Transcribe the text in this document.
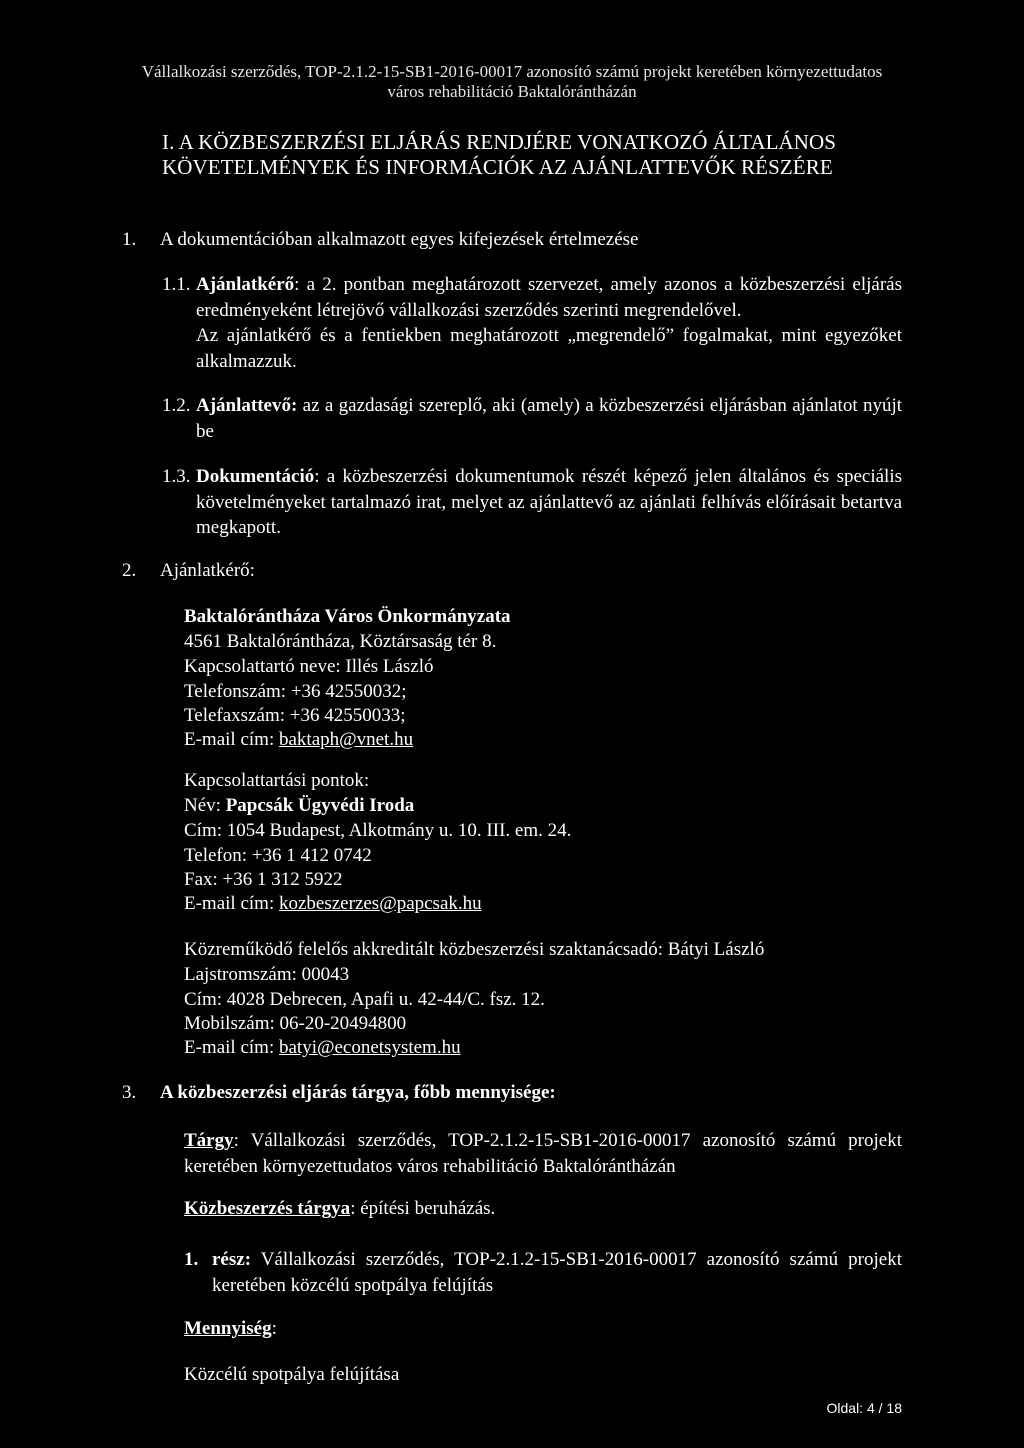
Vállalkozási szerződés, TOP-2.1.2-15-SB1-2016-00017 azonosító számú projekt keretében környezettudatos
város rehabilitáció Baktalórántházán
I. A KÖZBESZERZÉSI ELJÁRÁS RENDJÉRE VONATKOZÓ ÁLTALÁNOS
KÖVETELMÉNYEK ÉS INFORMÁCIÓK AZ AJÁNLATTEVŐK RÉSZÉRE
1. A dokumentációban alkalmazott egyes kifejezések értelmezése
1.1. Ajánlatkérő: a 2. pontban meghatározott szervezet, amely azonos a közbeszerzési eljárás eredményeként létrejövő vállalkozási szerződés szerinti megrendelővel.
Az ajánlatkérő és a fentiekben meghatározott „megrendelő” fogalmakat, mint egyezőket alkalmazzuk.
1.2. Ajánlattevő: az a gazdasági szereplő, aki (amely) a közbeszerzési eljárásban ajánlatot nyújt be
1.3. Dokumentáció: a közbeszerzési dokumentumok részét képező jelen általános és speciális követelményeket tartalmazó irat, melyet az ajánlattevő az ajánlati felhívás előírásait betartva megkapott.
2. Ajánlatkérő:
Baktalórántháza Város Önkormányzata
4561 Baktalórántháza, Köztársaság tér 8.
Kapcsolattartó neve: Illés László
Telefonszám: +36 42550032;
Telefaxszám: +36 42550033;
E-mail cím: baktaph@vnet.hu
Kapcsolattartási pontok:
Név: Papcsák Ügyvédi Iroda
Cím: 1054 Budapest, Alkotmány u. 10. III. em. 24.
Telefon: +36 1 412 0742
Fax: +36 1 312 5922
E-mail cím: kozbeszerzes@papcsak.hu
Közreműködő felelős akkreditált közbeszerzési szaktanácsadó: Bátyi László
Lajstromszám: 00043
Cím: 4028 Debrecen, Apafi u. 42-44/C. fsz. 12.
Mobilszám: 06-20-20494800
E-mail cím: batyi@econetsystem.hu
3. A közbeszerzési eljárás tárgya, főbb mennyisége:
Tárgy: Vállalkozási szerződés, TOP-2.1.2-15-SB1-2016-00017 azonosító számú projekt keretében környezettudatos város rehabilitáció Baktalórántházán
Közbeszerzés tárgya: építési beruházás.
1. rész: Vállalkozási szerződés, TOP-2.1.2-15-SB1-2016-00017 azonosító számú projekt keretében közcélú spotpálya felújítás
Mennyiség:
Közcélú spotpálya felújítása
Oldal: 4 / 18
